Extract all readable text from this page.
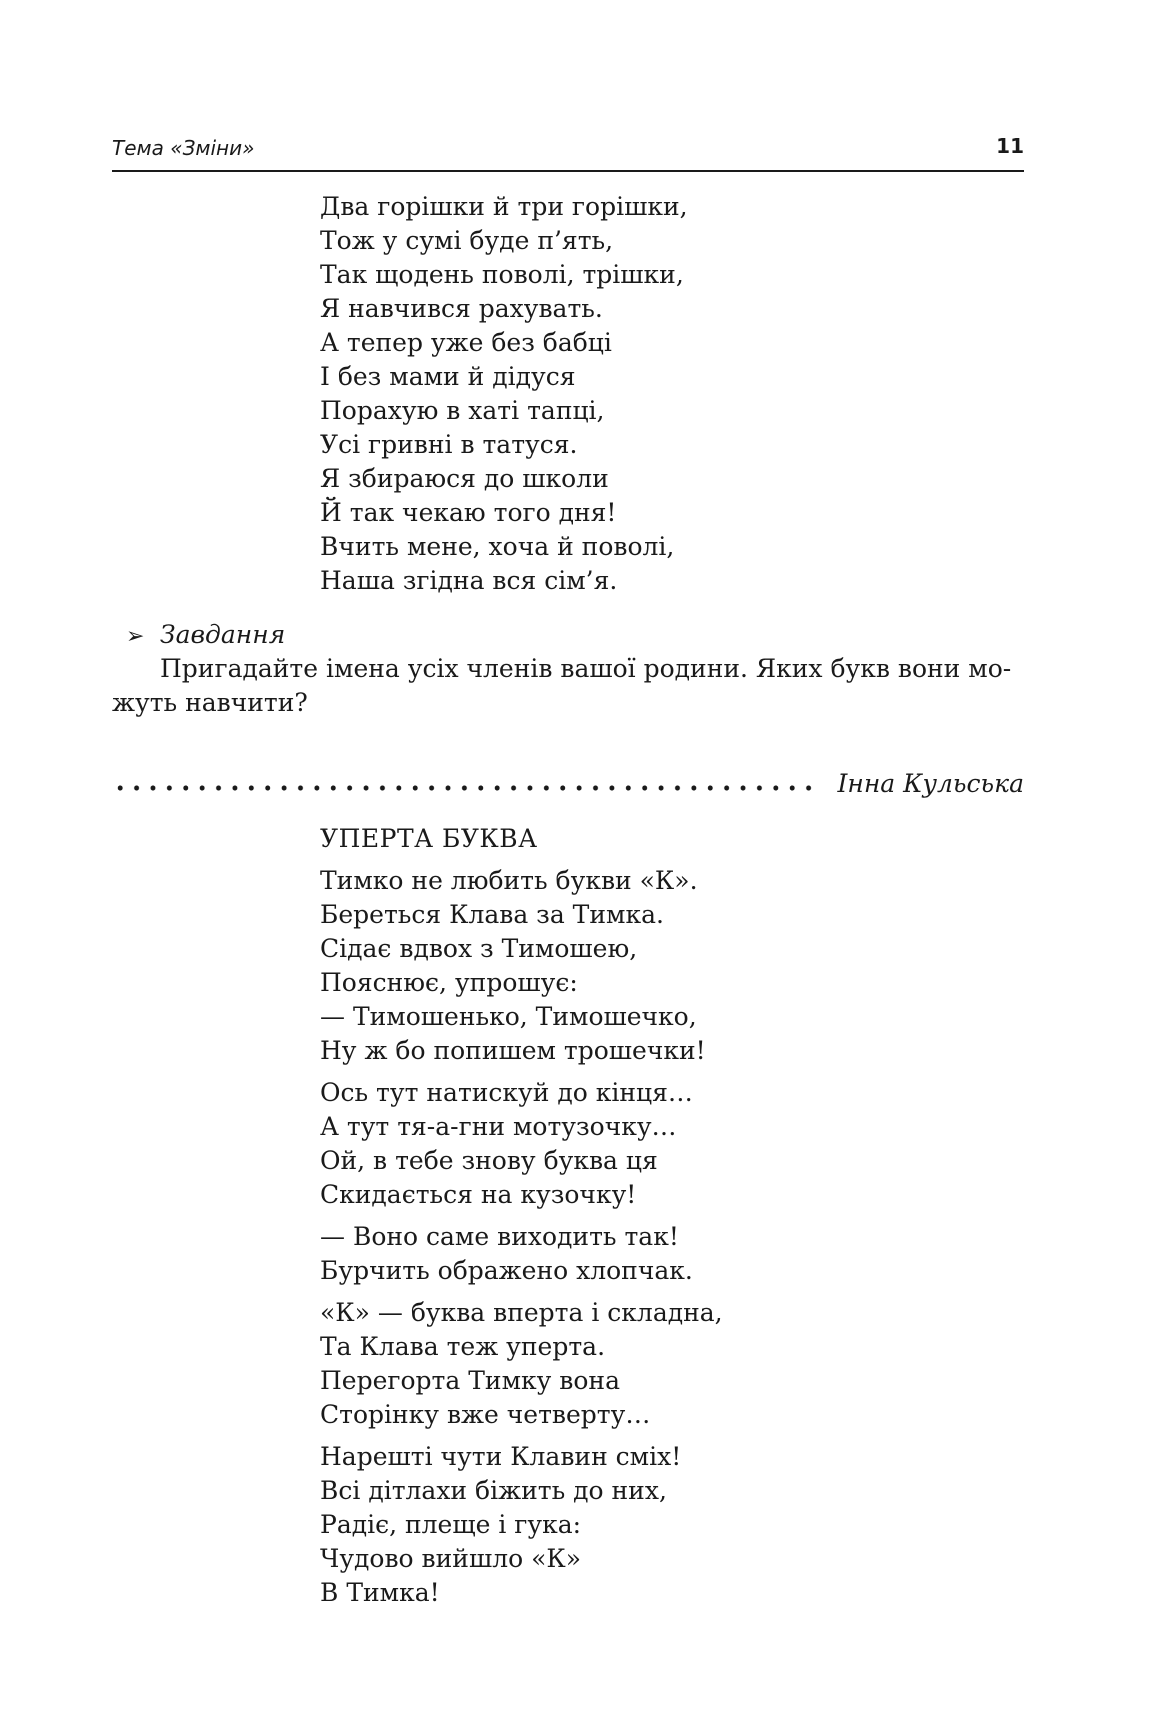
Тема «Зміни»	11
Два горішки й три горішки,
Тож у сумі буде п’ять,
Так щодень поволі, трішки,
Я навчився рахувать.
А тепер уже без бабці
І без мами й дідуся
Порахую в хаті тапці,
Усі гривні в татуся.
Я збираюся до школи
Й так чекаю того дня!
Вчить мене, хоча й поволі,
Наша згідна вся сім’я.
➢ Завдання

Пригадайте імена усіх членів вашої родини. Яких букв вони мо-
жуть навчити?

Інна Кульська
УПЕРТА БУКВА
Тимко не любить букви «К».
Береться Клава за Тимка.
Сідає вдвох з Тимошею,
Пояснює, упрошує:
— Тимошенько, Тимошечко,
Ну ж бо попишем трошечки!
Ось тут натискуй до кінця…
А тут тя-а-гни мотузочку…
Ой, в тебе знову буква ця
Скидається на кузочку!
— Воно саме виходить так!
Бурчить ображено хлопчак.
«К» — буква вперта і складна,
Та Клава теж уперта.
Перегорта Тимку вона
Сторінку вже четверту…
Нарешті чути Клавин сміх!
Всі дітлахи біжить до них,
Радіє, плеще і гука:
Чудово вийшло «К»
В Тимка!
